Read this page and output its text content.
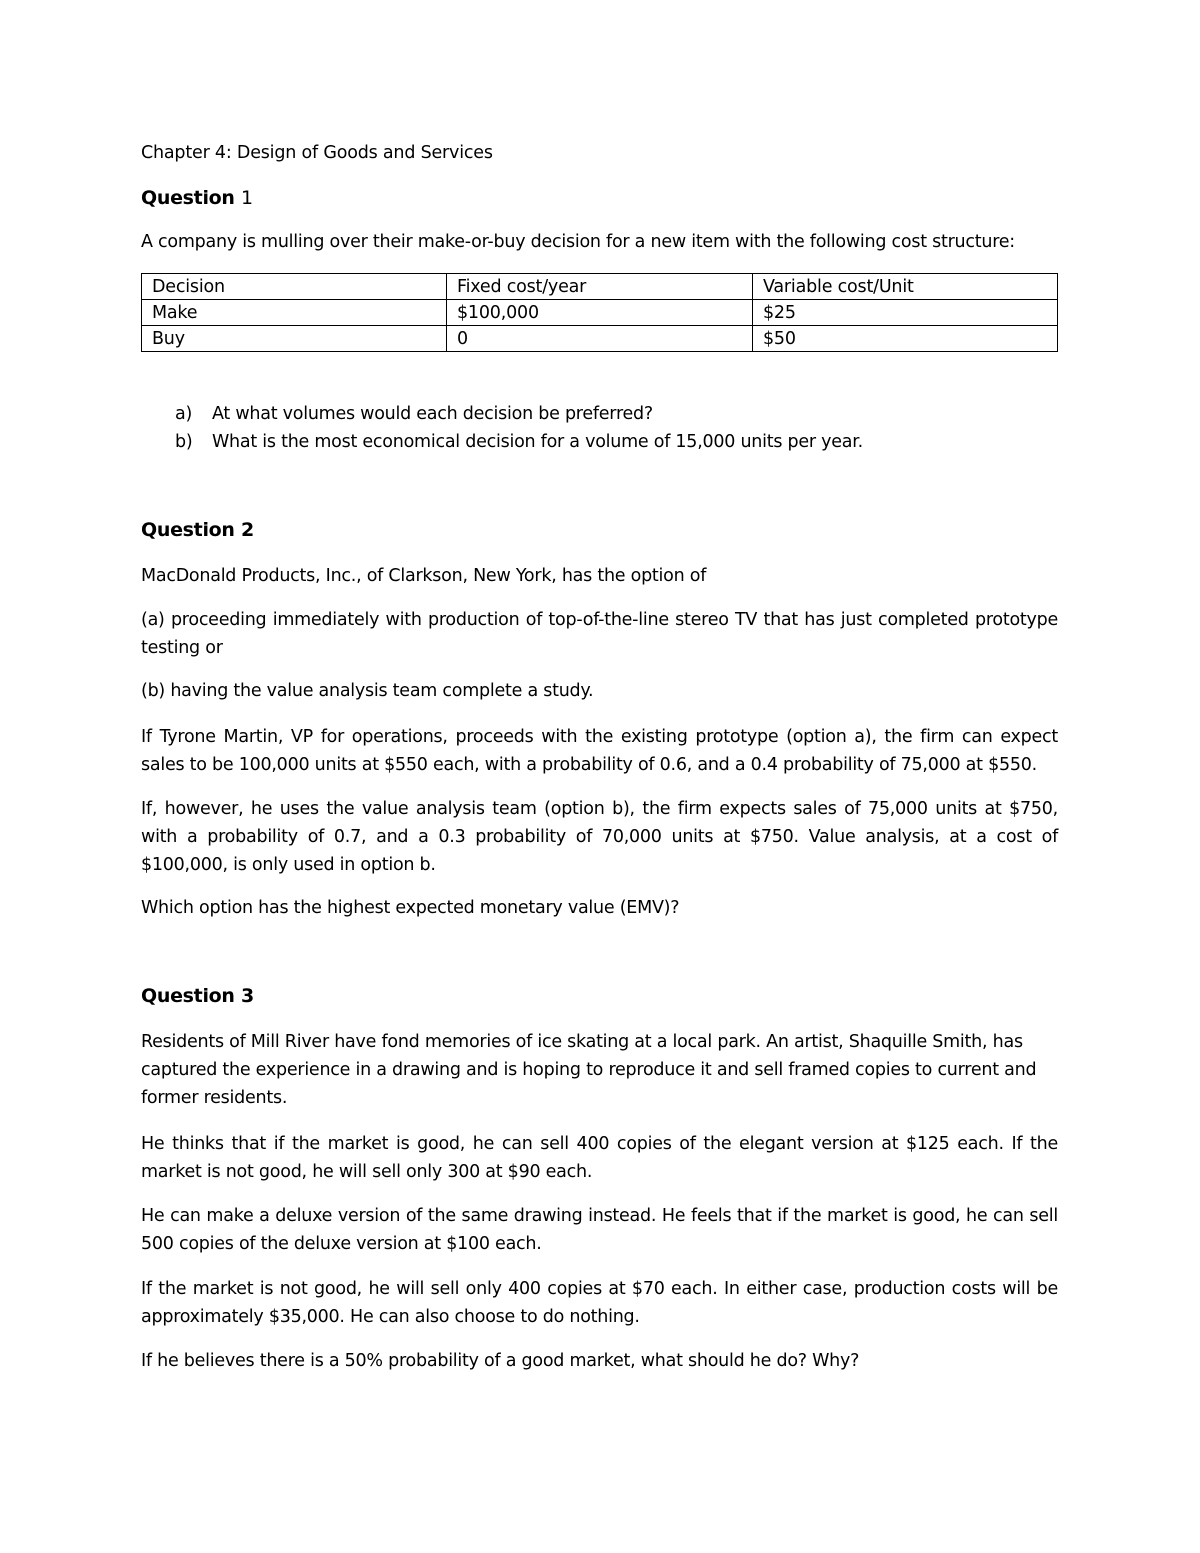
Chapter 4: Design of Goods and Services
Question 1
A company is mulling over their make-or-buy decision for a new item with the following cost structure:
Decision	Fixed cost/year	Variable cost/Unit
Make	$100,000	$25
Buy	0	$50
a) At what volumes would each decision be preferred?
b) What is the most economical decision for a volume of 15,000 units per year.
Question 2
MacDonald Products, Inc., of Clarkson, New York, has the option of
(a) proceeding immediately with production of top-of-the-line stereo TV that has just completed prototype testing or
(b) having the value analysis team complete a study.
If Tyrone Martin, VP for operations, proceeds with the existing prototype (option a), the firm can expect sales to be 100,000 units at $550 each, with a probability of 0.6, and a 0.4 probability of 75,000 at $550.
If, however, he uses the value analysis team (option b), the firm expects sales of 75,000 units at $750, with a probability of 0.7, and a 0.3 probability of 70,000 units at $750. Value analysis, at a cost of $100,000, is only used in option b.
Which option has the highest expected monetary value (EMV)?
Question 3
Residents of Mill River have fond memories of ice skating at a local park. An artist, Shaquille Smith, has captured the experience in a drawing and is hoping to reproduce it and sell framed copies to current and former residents.
He thinks that if the market is good, he can sell 400 copies of the elegant version at $125 each. If the market is not good, he will sell only 300 at $90 each.
He can make a deluxe version of the same drawing instead. He feels that if the market is good, he can sell 500 copies of the deluxe version at $100 each.
If the market is not good, he will sell only 400 copies at $70 each. In either case, production costs will be approximately $35,000. He can also choose to do nothing.
If he believes there is a 50% probability of a good market, what should he do? Why?
